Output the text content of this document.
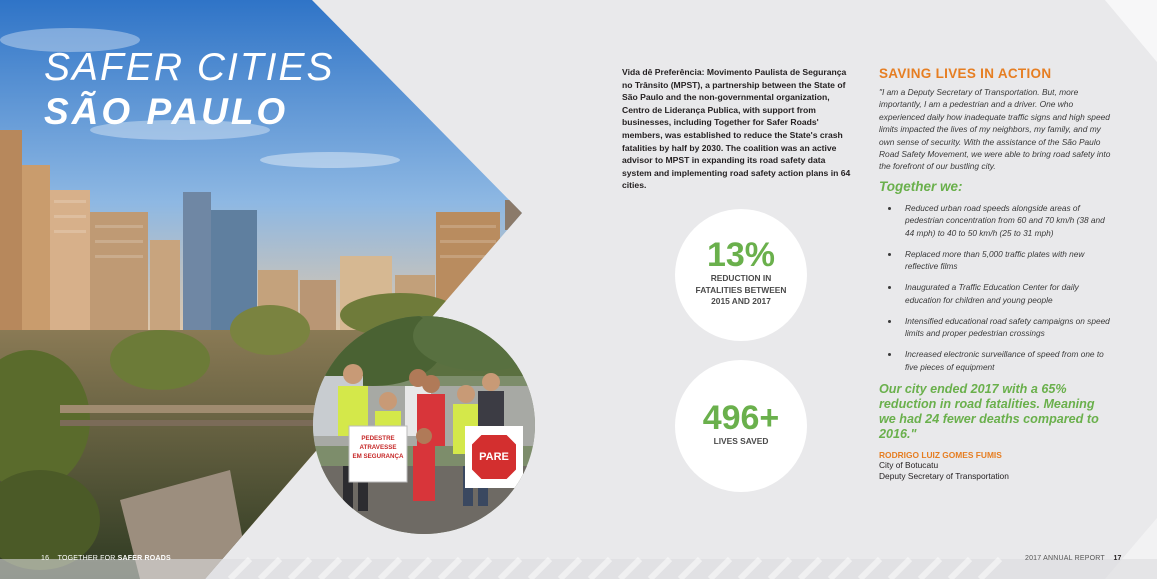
SAFER CITIES
SÃO PAULO
PEDESTRE
ATRAVESSE
EM SEGURANÇA	PARE
Vida dê Preferência: Movimento Paulista de Segurança no Trânsito (MPST), a partnership between the State of São Paulo and the non-governmental organization, Centro de Liderança Publica, with support from businesses, including Together for Safer Roads' members, was established to reduce the State's crash fatalities by half by 2030. The coalition was an active advisor to MPST in expanding its road safety data system and implementing road safety action plans in 64 cities.
13%
REDUCTION IN FATALITIES BETWEEN 2015 AND 2017
496+
LIVES SAVED

SAVING LIVES IN ACTION

"I am a Deputy Secretary of Transportation. But, more importantly, I am a pedestrian and a driver. One who experienced daily how inadequate traffic signs and high speed limits impacted the lives of my neighbors, my family, and my own sense of security. With the assistance of the São Paulo Road Safety Movement, we were able to bring road safety into the forefront of our bustling city.

Together we:

Reduced urban road speeds alongside areas of pedestrian concentration from 60 and 70 km/h (38 and 44 mph) to 40 to 50 km/h (25 to 31 mph)
Replaced more than 5,000 traffic plates with new reflective films
Inaugurated a Traffic Education Center for daily education for children and young people
Intensified educational road safety campaigns on speed limits and proper pedestrian crossings
Increased electronic surveillance of speed from one to five pieces of equipment

Our city ended 2017 with a 65% reduction in road fatalities. Meaning we had 24 fewer deaths compared to 2016."

RODRIGO LUIZ GOMES FUMIS

City of Botucatu

Deputy Secretary of Transportation

16 TOGETHER FOR SAFER ROADS	2017 ANNUAL REPORT 17
